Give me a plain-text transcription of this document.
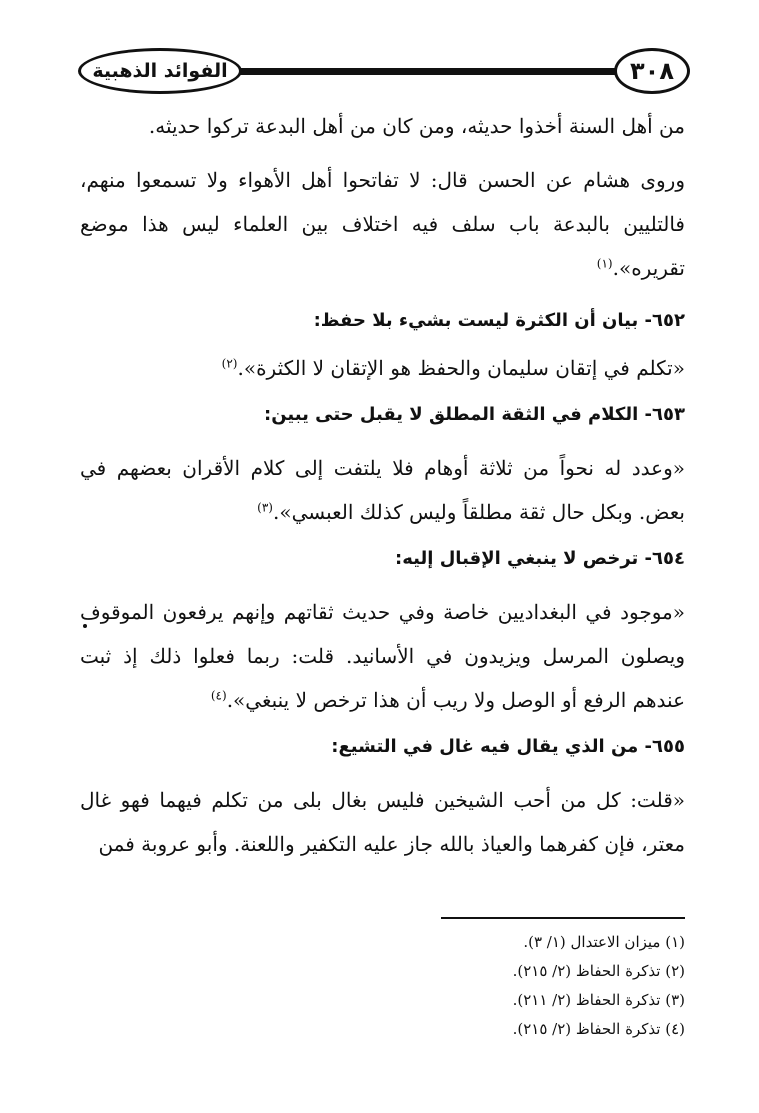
الفوائد الذهبية	٣٠٨

من أهل السنة أخذوا حديثه، ومن كان من أهل البدعة تركوا حديثه.

وروى هشام عن الحسن قال: لا تفاتحوا أهل الأهواء ولا تسمعوا منهم، فالتليين بالبدعة باب سلف فيه اختلاف بين العلماء ليس هذا موضع تقريره».$^{(١)}$

٦٥٢- بيان أن الكثرة ليست بشيء بلا حفظ:

«تكلم في إتقان سليمان والحفظ هو الإتقان لا الكثرة».$^{(٢)}$

٦٥٣- الكلام في الثقة المطلق لا يقبل حتى يبين:

«وعدد له نحواً من ثلاثة أوهام فلا يلتفت إلى كلام الأقران بعضهم في بعض. وبكل حال ثقة مطلقاً وليس كذلك العبسي».$^{(٣)}$

٦٥٤- ترخص لا ينبغي الإقبال إليه:

«موجود في البغداديين خاصة وفي حديث ثقاتهم وإنهم يرفعون الموقوف ويصلون المرسل ويزيدون في الأسانيد. قلت: ربما فعلوا ذلك إذ ثبت عندهم الرفع أو الوصل ولا ريب أن هذا ترخص لا ينبغي».$^{(٤)}$

٦٥٥- من الذي يقال فيه غال في التشيع:

«قلت: كل من أحب الشيخين فليس بغال بلى من تكلم فيهما فهو غال معتر، فإن كفرهما والعياذ بالله جاز عليه التكفير واللعنة. وأبو عروبة فمن

(١) ميزان الاعتدال (١/ ٣).

(٢) تذكرة الحفاظ (٢/ ٢١٥).

(٣) تذكرة الحفاظ (٢/ ٢١١).

(٤) تذكرة الحفاظ (٢/ ٢١٥).
